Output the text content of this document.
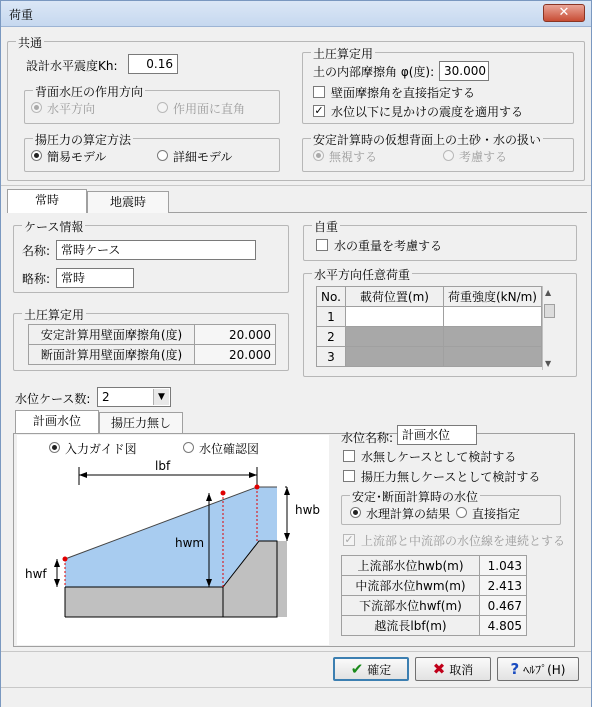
荷重	✕
共通
設計水平震度Kh:	0.16
背面水圧の作用方向
水平方向	作用面に直角
揚圧力の算定方法
簡易モデル	詳細モデル
土圧算定用
土の内部摩擦角 φ(度): 30.000
壁面摩擦角を直接指定する
✓ 水位以下に見かけの震度を適用する
安定計算時の仮想背面上の土砂・水の扱い
無視する	考慮する
常時	地震時
ケース情報
名称: 常時ケース
略称: 常時
土圧算定用
安定計算用壁面摩擦角(度)	20.000
断面計算用壁面摩擦角(度)	20.000
自重
水の重量を考慮する
水平方向任意荷重
No.	載荷位置(m)	荷重強度(kN/m)
1		
2		
3			▼
▲
水位ケース数: 2	▼
計画水位	揚圧力無し
入力ガイド図	水位確認図
lbf
hwb
hwm
hwf
水位名称: 計画水位
水無しケースとして検討する
揚圧力無しケースとして検討する
安定･断面計算時の水位
水理計算の結果 直接指定
✓ 上流部と中流部の水位線を連続とする
上流部水位hwb(m)	1.043
中流部水位hwm(m)	2.413
下流部水位hwf(m)	0.467
越流長lbf(m)	4.805
✔ 確定	✖ 取消	? ﾍﾙﾌﾟ(H)
